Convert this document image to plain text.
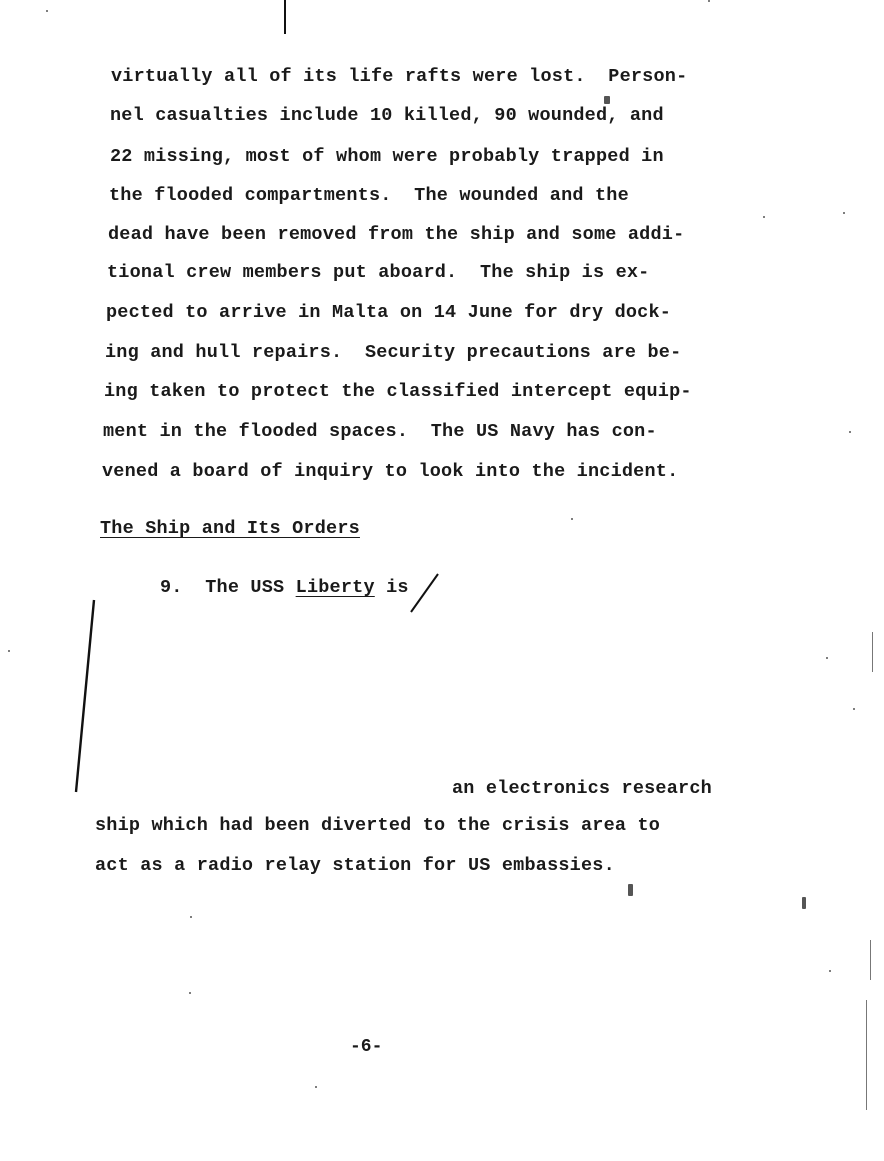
virtually all of its life rafts were lost.  Person-
nel casualties include 10 killed, 90 wounded, and
22 missing, most of whom were probably trapped in
the flooded compartments.  The wounded and the
dead have been removed from the ship and some addi-
tional crew members put aboard.  The ship is ex-
pected to arrive in Malta on 14 June for dry dock-
ing and hull repairs.  Security precautions are be-
ing taken to protect the classified intercept equip-
ment in the flooded spaces.  The US Navy has con-
vened a board of inquiry to look into the incident.
The Ship and Its Orders
9. The USS Liberty is
an electronics research
ship which had been diverted to the crisis area to
act as a radio relay station for US embassies.
-6-
